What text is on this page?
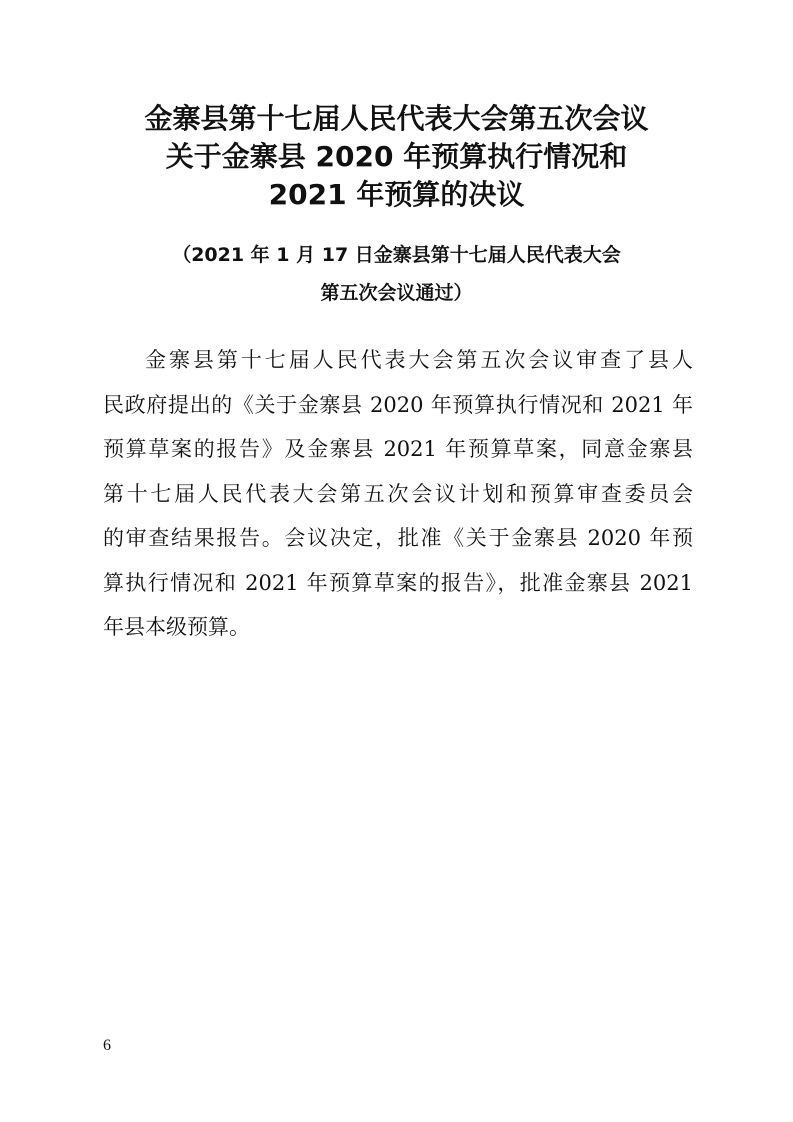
金寨县第十七届人民代表大会第五次会议
关于金寨县 2020 年预算执行情况和
2021 年预算的决议
（2021 年 1 月 17 日金寨县第十七届人民代表大会
第五次会议通过）
金寨县第十七届人民代表大会第五次会议审查了县人
民政府提出的《关于金寨县 2020 年预算执行情况和 2021 年
预算草案的报告》及金寨县 2021 年预算草案，同意金寨县
第十七届人民代表大会第五次会议计划和预算审查委员会
的审查结果报告。会议决定，批准《关于金寨县 2020 年预
算执行情况和 2021 年预算草案的报告》，批准金寨县 2021
年县本级预算。
6
